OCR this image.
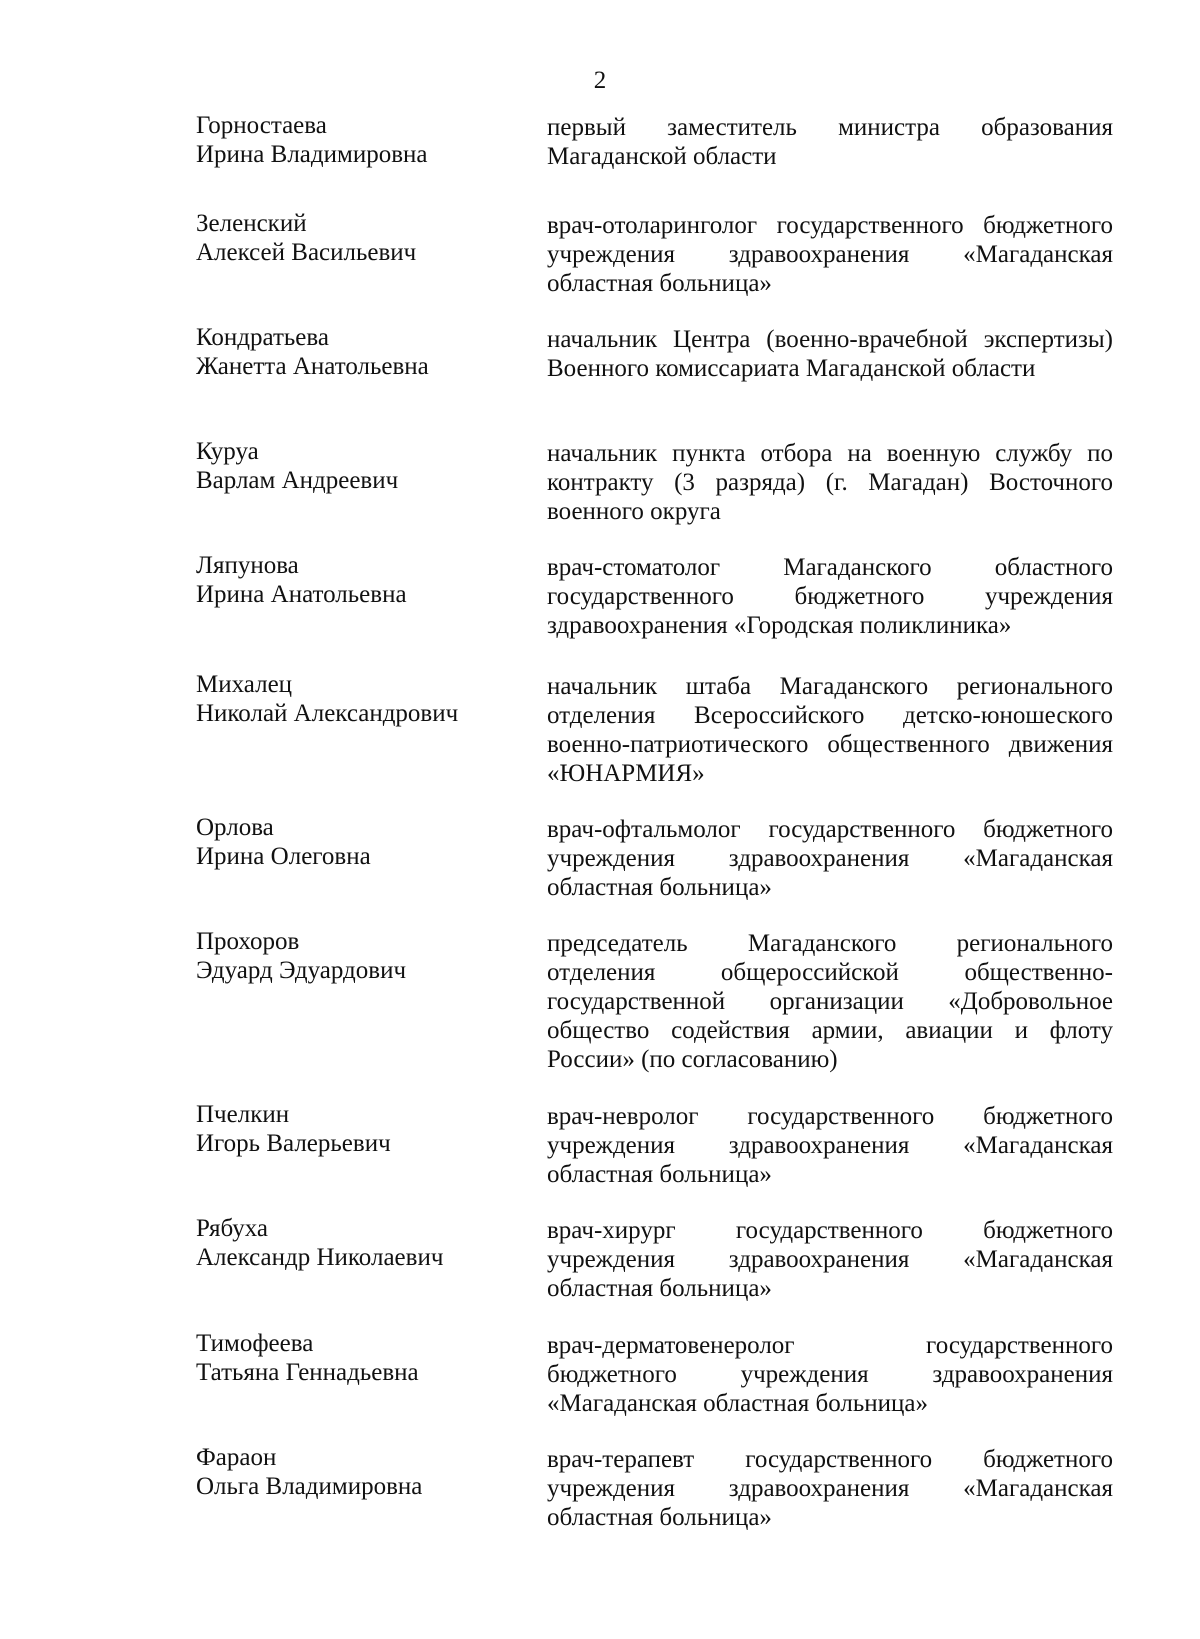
2
Горностаева
Ирина Владимировна
первый заместитель министра образования Магаданской области
Зеленский
Алексей Васильевич
врач-отоларинголог государственного бюджетного учреждения здравоохранения «Магаданская областная больница»
Кондратьева
Жанетта Анатольевна
начальник Центра (военно-врачебной экспертизы) Военного комиссариата Магаданской области
Куруа
Варлам Андреевич
начальник пункта отбора на военную службу по контракту (3 разряда) (г. Магадан) Восточного военного округа
Ляпунова
Ирина Анатольевна
врач-стоматолог Магаданского областного государственного бюджетного учреждения здравоохранения «Городская поликлиника»
Михалец
Николай Александрович
начальник штаба Магаданского регионального отделения Всероссийского детско-юношеского военно-патриотического общественного движения «ЮНАРМИЯ»
Орлова
Ирина Олеговна
врач-офтальмолог государственного бюджетного учреждения здравоохранения «Магаданская областная больница»
Прохоров
Эдуард Эдуардович
председатель Магаданского регионального отделения общероссийской общественно-государственной организации «Добровольное общество содействия армии, авиации и флоту России» (по согласованию)
Пчелкин
Игорь Валерьевич
врач-невролог государственного бюджетного учреждения здравоохранения «Магаданская областная больница»
Рябуха
Александр Николаевич
врач-хирург государственного бюджетного учреждения здравоохранения «Магаданская областная больница»
Тимофеева
Татьяна Геннадьевна
врач-дерматовенеролог государственного бюджетного учреждения здравоохранения «Магаданская областная больница»
Фараон
Ольга Владимировна
врач-терапевт государственного бюджетного учреждения здравоохранения «Магаданская областная больница»
